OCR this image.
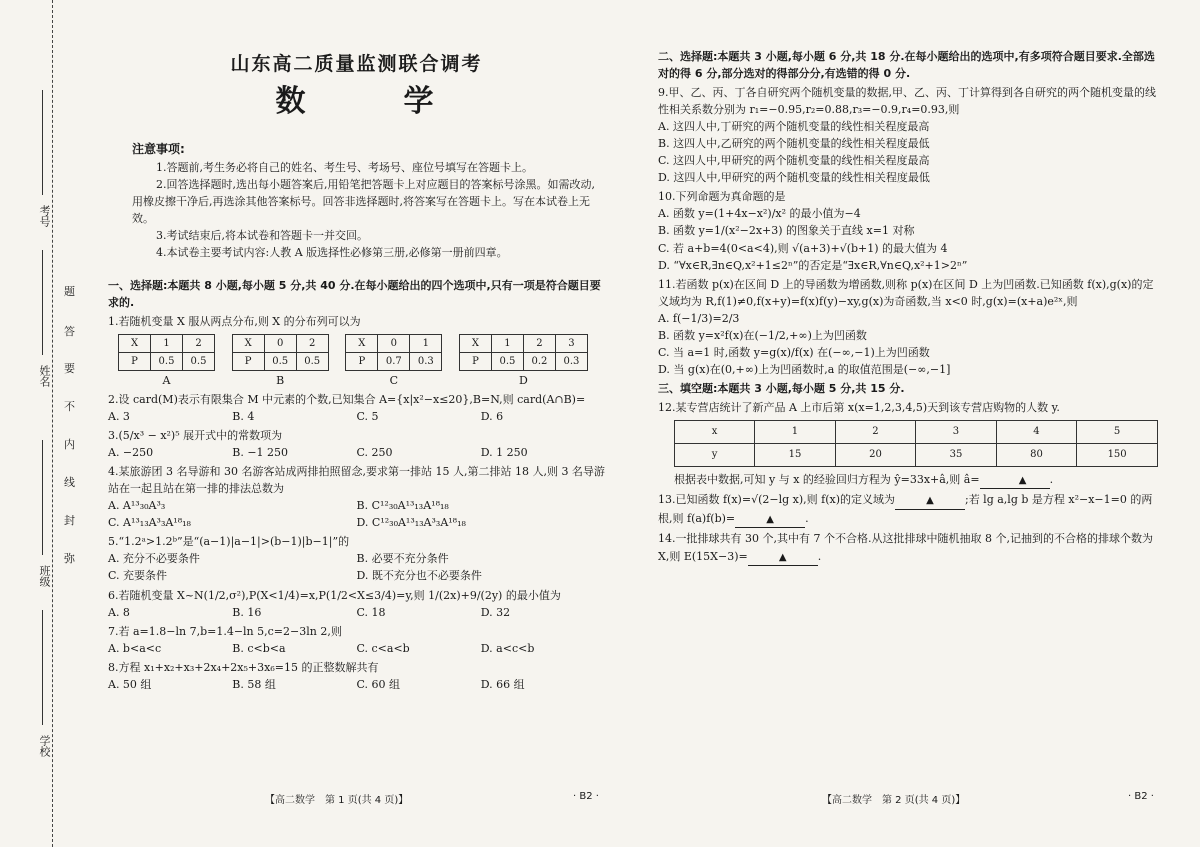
考号
姓名
班级
学校
题
答
要
不
内
线
封
弥
山东高二质量监测联合调考
数　学
注意事项:

1.答题前,考生务必将自己的姓名、考生号、考场号、座位号填写在答题卡上。

2.回答选择题时,选出每小题答案后,用铅笔把答题卡上对应题目的答案标号涂黑。如需改动,用橡皮擦干净后,再选涂其他答案标号。回答非选择题时,将答案写在答题卡上。写在本试卷上无效。

3.考试结束后,将本试卷和答题卡一并交回。

4.本试卷主要考试内容:人教 A 版选择性必修第三册,必修第一册前四章。

一、选择题:本题共 8 小题,每小题 5 分,共 40 分.在每小题给出的四个选项中,只有一项是符合题目要求的.
1.若随机变量 X 服从两点分布,则 X 的分布列可以为
X	1	2
P	0.5	0.5
A
X	0	2
P	0.5	0.5
B
X	0	1
P	0.7	0.3
C
X	1	2	3
P	0.5	0.2	0.3
D
2.设 card(M)表示有限集合 M 中元素的个数,已知集合 A={x|x²−x≤20},B=N,则 card(A∩B)=
A. 3	B. 4	C. 5	D. 6
3.(5/x³ − x²)⁵ 展开式中的常数项为
A. −250	B. −1 250	C. 250	D. 1 250
4.某旅游团 3 名导游和 30 名游客站成两排拍照留念,要求第一排站 15 人,第二排站 18 人,则 3 名导游站在一起且站在第一排的排法总数为
A. A¹³₃₀A³₃	B. C¹²₃₀A¹³₁₃A¹⁸₁₈
C. A¹³₁₃A³₃A¹⁸₁₈	D. C¹²₃₀A¹³₁₃A³₃A¹⁸₁₈
5.“1.2ᵃ>1.2ᵇ”是“(a−1)|a−1|>(b−1)|b−1|”的
A. 充分不必要条件	B. 必要不充分条件
C. 充要条件	D. 既不充分也不必要条件
6.若随机变量 X~N(1/2,σ²),P(X<1/4)=x,P(1/2<X≤3/4)=y,则 1/(2x)+9/(2y) 的最小值为
A. 8	B. 16	C. 18	D. 32
7.若 a=1.8−ln 7,b=1.4−ln 5,c=2−3ln 2,则
A. b<a<c	B. c<b<a	C. c<a<b	D. a<c<b
8.方程 x₁+x₂+x₃+2x₄+2x₅+3x₆=15 的正整数解共有
A. 50 组	B. 58 组	C. 60 组	D. 66 组
【高二数学　第 1 页(共 4 页)】	· B2 ·
二、选择题:本题共 3 小题,每小题 6 分,共 18 分.在每小题给出的选项中,有多项符合题目要求.全部选对的得 6 分,部分选对的得部分分,有选错的得 0 分.
9.甲、乙、丙、丁各自研究两个随机变量的数据,甲、乙、丙、丁计算得到各自研究的两个随机变量的线性相关系数分别为 r₁=−0.95,r₂=0.88,r₃=−0.9,r₄=0.93,则
A. 这四人中,丁研究的两个随机变量的线性相关程度最高
B. 这四人中,乙研究的两个随机变量的线性相关程度最低
C. 这四人中,甲研究的两个随机变量的线性相关程度最高
D. 这四人中,甲研究的两个随机变量的线性相关程度最低
10.下列命题为真命题的是
A. 函数 y=(1+4x−x²)/x² 的最小值为−4
B. 函数 y=1/(x²−2x+3) 的图象关于直线 x=1 对称
C. 若 a+b=4(0<a<4),则 √(a+3)+√(b+1) 的最大值为 4
D. “∀x∈R,∃n∈Q,x²+1≤2ⁿ”的否定是“∃x∈R,∀n∈Q,x²+1>2ⁿ”
11.若函数 p(x)在区间 D 上的导函数为增函数,则称 p(x)在区间 D 上为凹函数.已知函数 f(x),g(x)的定义域均为 R,f(1)≠0,f(x+y)=f(x)f(y)−xy,g(x)为奇函数,当 x<0 时,g(x)=(x+a)e²ˣ,则
A. f(−1/3)=2/3
B. 函数 y=x²f(x)在(−1/2,+∞)上为凹函数
C. 当 a=1 时,函数 y=g(x)/f(x) 在(−∞,−1)上为凹函数
D. 当 g(x)在(0,+∞)上为凹函数时,a 的取值范围是(−∞,−1]
三、填空题:本题共 3 小题,每小题 5 分,共 15 分.
12.某专营店统计了新产品 A 上市后第 x(x=1,2,3,4,5)天到该专营店购物的人数 y.
x	1	2	3	4	5
y	15	20	35	80	150
根据表中数据,可知 y 与 x 的经验回归方程为 ŷ=33x+â,则 â=	▲ .
13.已知函数 f(x)=√(2−lg x),则 f(x)的定义域为	▲	;若 lg a,lg b 是方程 x²−x−1=0 的两根,则 f(a)f(b)=	▲	.
14.一批排球共有 30 个,其中有 7 个不合格.从这批排球中随机抽取 8 个,记抽到的不合格的排球个数为 X,则 E(15X−3)=	▲	.
【高二数学　第 2 页(共 4 页)】	· B2 ·
